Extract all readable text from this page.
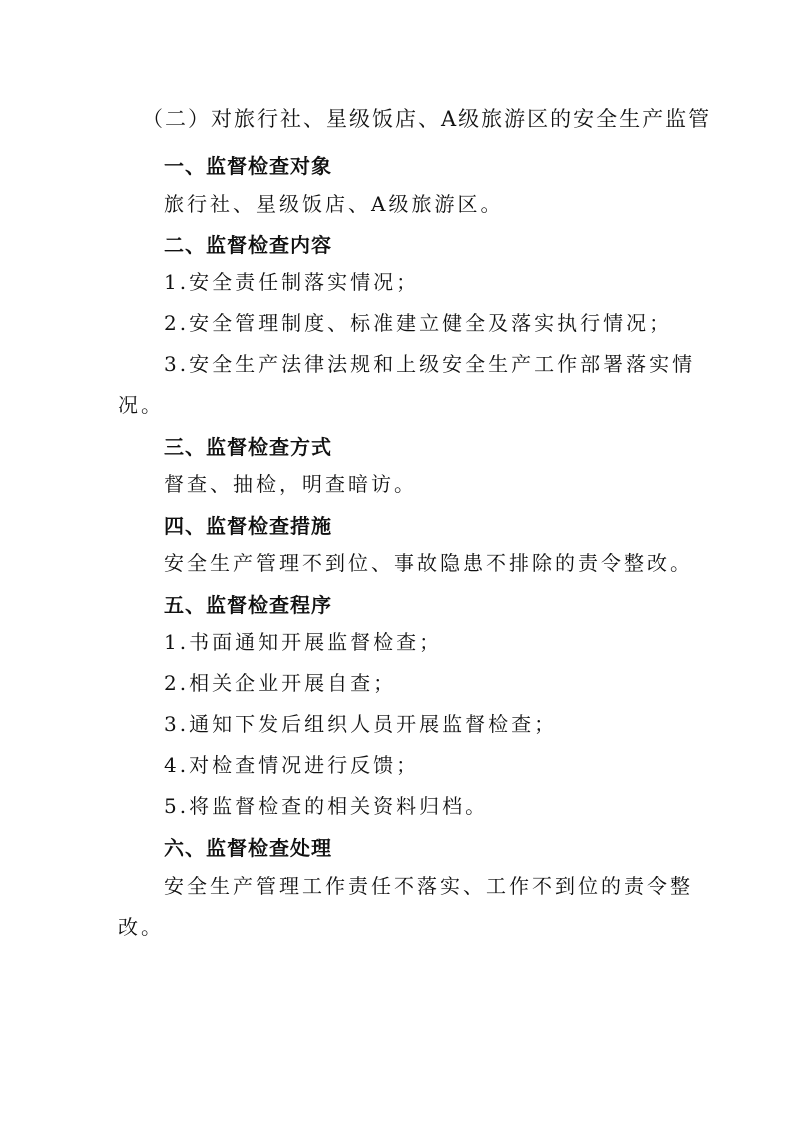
（二）对旅行社、星级饭店、A级旅游区的安全生产监管
一、监督检查对象
旅行社、星级饭店、A级旅游区。
二、监督检查内容
1.安全责任制落实情况；
2.安全管理制度、标准建立健全及落实执行情况；
3.安全生产法律法规和上级安全生产工作部署落实情
况。
三、监督检查方式
督查、抽检，明查暗访。
四、监督检查措施
安全生产管理不到位、事故隐患不排除的责令整改。
五、监督检查程序
1.书面通知开展监督检查；
2.相关企业开展自查；
3.通知下发后组织人员开展监督检查；
4.对检查情况进行反馈；
5.将监督检查的相关资料归档。
六、监督检查处理
安全生产管理工作责任不落实、工作不到位的责令整
改。
